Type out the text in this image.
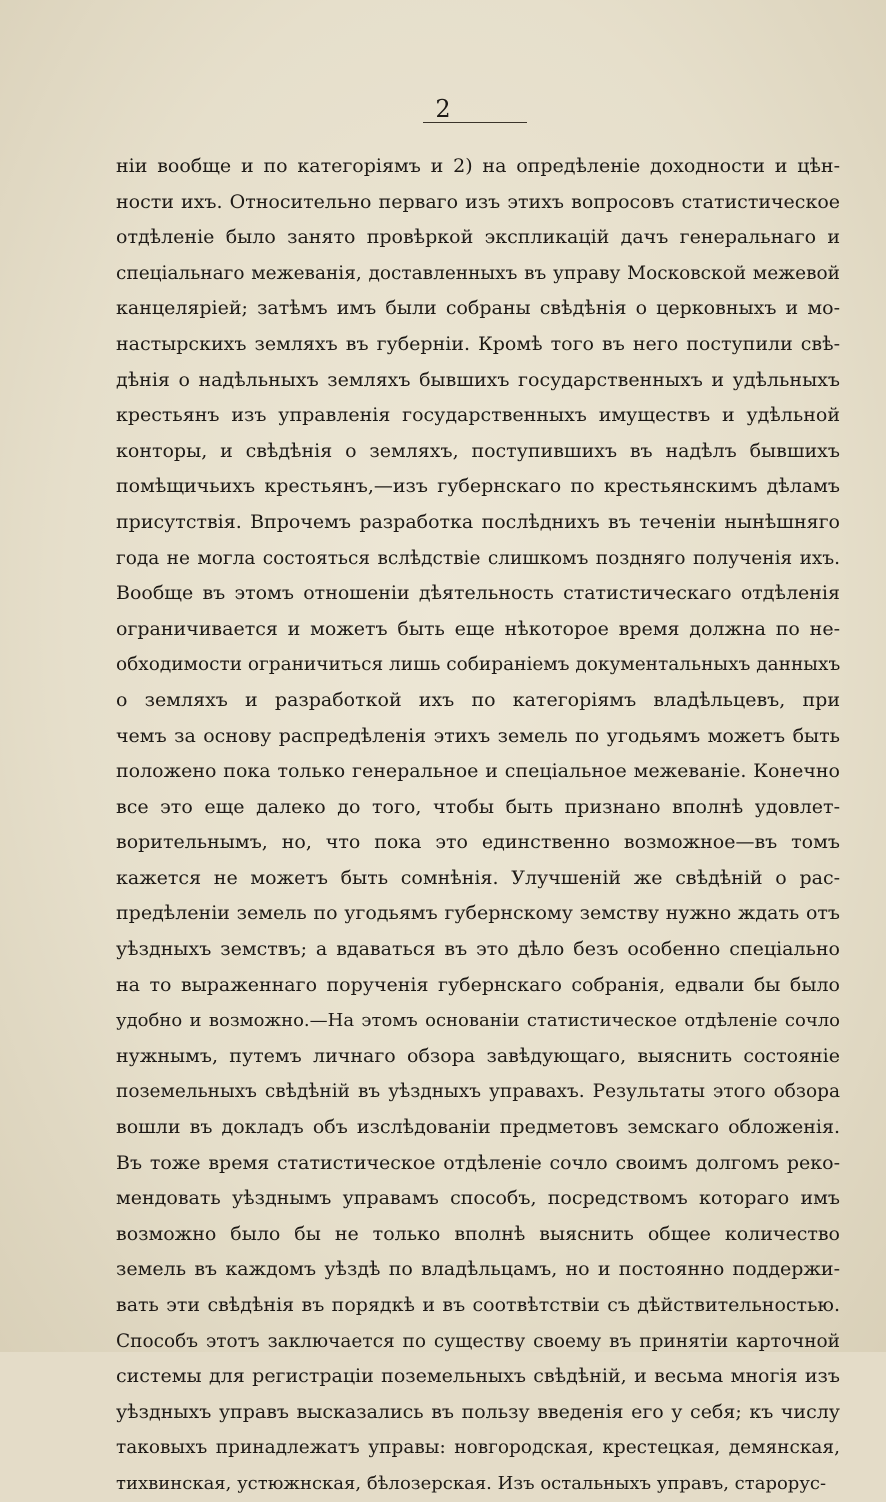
2
ніи вообще и по категоріямъ и 2) на опредѣленіе доходности и цѣн-
ности ихъ. Относительно перваго изъ этихъ вопросовъ статистическое
отдѣленіе было занято провѣркой экспликацій дачъ генеральнаго и
спеціальнаго межеванія, доставленныхъ въ управу Московской межевой
канцеляріей; затѣмъ имъ были собраны свѣдѣнія о церковныхъ и мо-
настырскихъ земляхъ въ губерніи. Кромѣ того въ него поступили свѣ-
дѣнія о надѣльныхъ земляхъ бывшихъ государственныхъ и удѣльныхъ
крестьянъ изъ управленія государственныхъ имуществъ и удѣльной
конторы, и свѣдѣнія о земляхъ, поступившихъ въ надѣлъ бывшихъ
помѣщичьихъ крестьянъ,—изъ губернскаго по крестьянскимъ дѣламъ
присутствія. Впрочемъ разработка послѣднихъ въ теченіи нынѣшняго
года не могла состояться вслѣдствіе слишкомъ поздняго полученія ихъ.
Вообще въ этомъ отношеніи дѣятельность статистическаго отдѣленія
ограничивается и можетъ быть еще нѣкоторое время должна по не-
обходимости ограничиться лишь собираніемъ документальныхъ данныхъ
о земляхъ и разработкой ихъ по категоріямъ владѣльцевъ, при
чемъ за основу распредѣленія этихъ земель по угодьямъ можетъ быть
положено пока только генеральное и спеціальное межеваніе. Конечно
все это еще далеко до того, чтобы быть признано вполнѣ удовлет-
ворительнымъ, но, что пока это единственно возможное—въ томъ
кажется не можетъ быть сомнѣнія. Улучшеній же свѣдѣній о рас-
предѣленіи земель по угодьямъ губернскому земству нужно ждать отъ
уѣздныхъ земствъ; а вдаваться въ это дѣло безъ особенно спеціально
на то выраженнаго порученія губернскаго собранія, едвали бы было
удобно и возможно.—На этомъ основаніи статистическое отдѣленіе сочло
нужнымъ, путемъ личнаго обзора завѣдующаго, выяснить состояніе
поземельныхъ свѣдѣній въ уѣздныхъ управахъ. Результаты этого обзора
вошли въ докладъ объ изслѣдованіи предметовъ земскаго обложенія.
Въ тоже время статистическое отдѣленіе сочло своимъ долгомъ реко-
мендовать уѣзднымъ управамъ способъ, посредствомъ котораго имъ
возможно было бы не только вполнѣ выяснить общее количество
земель въ каждомъ уѣздѣ по владѣльцамъ, но и постоянно поддержи-
вать эти свѣдѣнія въ порядкѣ и въ соотвѣтствіи съ дѣйствительностью.
Способъ этотъ заключается по существу своему въ принятіи карточной
системы для регистраціи поземельныхъ свѣдѣній, и весьма многія изъ
уѣздныхъ управъ высказались въ пользу введенія его у себя; къ числу
таковыхъ принадлежатъ управы: новгородская, крестецкая, демянская,
тихвинская, устюжнская, бѣлозерская. Изъ остальныхъ управъ, старорус-
